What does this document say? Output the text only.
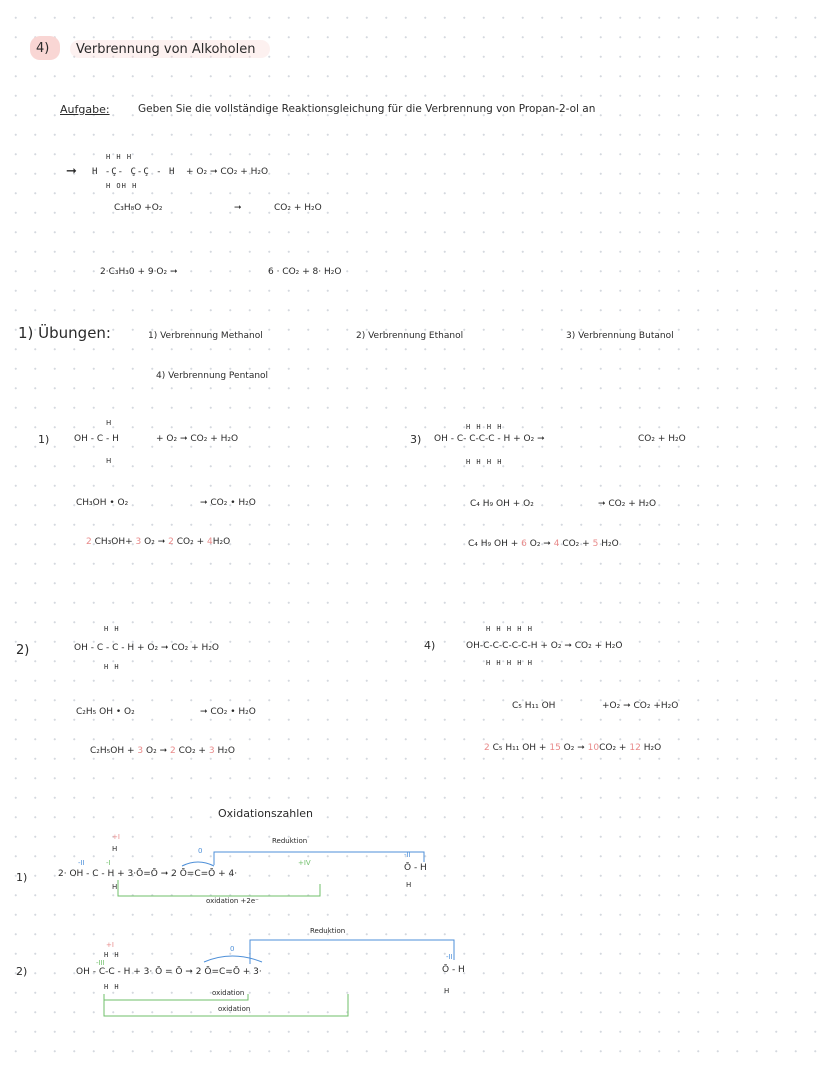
4) Verbrennung von Alkoholen
Aufgabe:	Geben Sie die vollständige Reaktionsgleichung für die Verbrennung von Propan-2-ol an
➞
H H H
H -Ç- Ç-Ç - H
H OH H
+ O₂ ➞ CO₂ + H₂O
C₃H₈O +O₂	➞	CO₂ + H₂O
2·C₃H₃0 + 9·O₂ ➞	6 · CO₂ + 8· H₂O
1) Übungen:	1) Verbrennung Methanol	2) Verbrennung Ethanol	3) Verbrennung Butanol
4) Verbrennung Pentanol
1)
H
OH - C - H
H
+ O₂ ➞ CO₂ + H₂O
CH₃OH • O₂	➞ CO₂ • H₂O
2 CH₃OH+ 3 O₂ ➞ 2 CO₂ + 4H₂O
3)
H H H H
OH - C- C-C-C - H + O₂ ➞
H H H H
CO₂ + H₂O
C₄ H₉ OH + O₂	➞ CO₂ + H₂O
C₄ H₉ OH + 6 O₂ ➞ 4 CO₂ + 5 H₂O
2)
H H
OH - C - C - H + O₂ ➞ CO₂ + H₂O
H H
C₂H₅ OH • O₂	➞ CO₂ • H₂O
C₂H₅OH + 3 O₂ ➞ 2 CO₂ + 3 H₂O
4)
H H H H H
OH-C-C-C-C-C-H + O₂ ➞ CO₂ + H₂O
H H H H H
C₅ H₁₁ OH	+O₂ ➞ CO₂ +H₂O
2 C₅ H₁₁ OH + 15 O₂ ➞ 10CO₂ + 12 H₂O
Oxidationszahlen
1)
+I
H
-II	-I
2· OH - C - H + 3·Ō=Ō ➞ 2 Ō=C=Ō + 4·
H
0
+IV
Reduktion
oxidation +2e⁻
-II
Ō - H
H
2)
+I
H H
-III
OH - C-C - H + 3· Ō = Ō ➞ 2 Ō=C=Ō + 3·
H H
0
Reduktion
oxidation
oxidation
-II
Ō - H
H
